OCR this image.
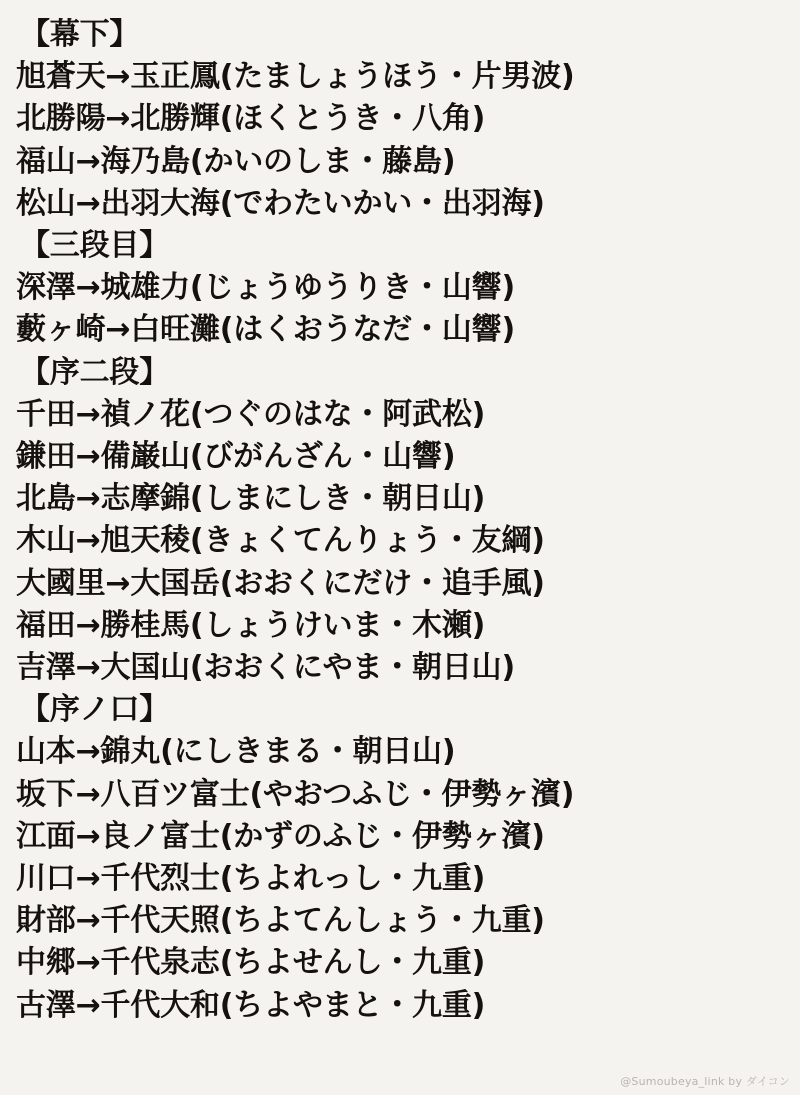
【幕下】
旭蒼天→玉正鳳(たましょうほう・片男波)
北勝陽→北勝輝(ほくとうき・八角)
福山→海乃島(かいのしま・藤島)
松山→出羽大海(でわたいかい・出羽海)
【三段目】
深澤→城雄力(じょうゆうりき・山響)
藪ヶ崎→白旺灘(はくおうなだ・山響)
【序二段】
千田→禎ノ花(つぐのはな・阿武松)
鎌田→備巌山(びがんざん・山響)
北島→志摩錦(しまにしき・朝日山)
木山→旭天稜(きょくてんりょう・友綱)
大國里→大国岳(おおくにだけ・追手風)
福田→勝桂馬(しょうけいま・木瀬)
吉澤→大国山(おおくにやま・朝日山)
【序ノ口】
山本→錦丸(にしきまる・朝日山)
坂下→八百ツ富士(やおつふじ・伊勢ヶ濱)
江面→良ノ富士(かずのふじ・伊勢ヶ濱)
川口→千代烈士(ちよれっし・九重)
財部→千代天照(ちよてんしょう・九重)
中郷→千代泉志(ちよせんし・九重)
古澤→千代大和(ちよやまと・九重)
@Sumoubeya_link by ダイコン
